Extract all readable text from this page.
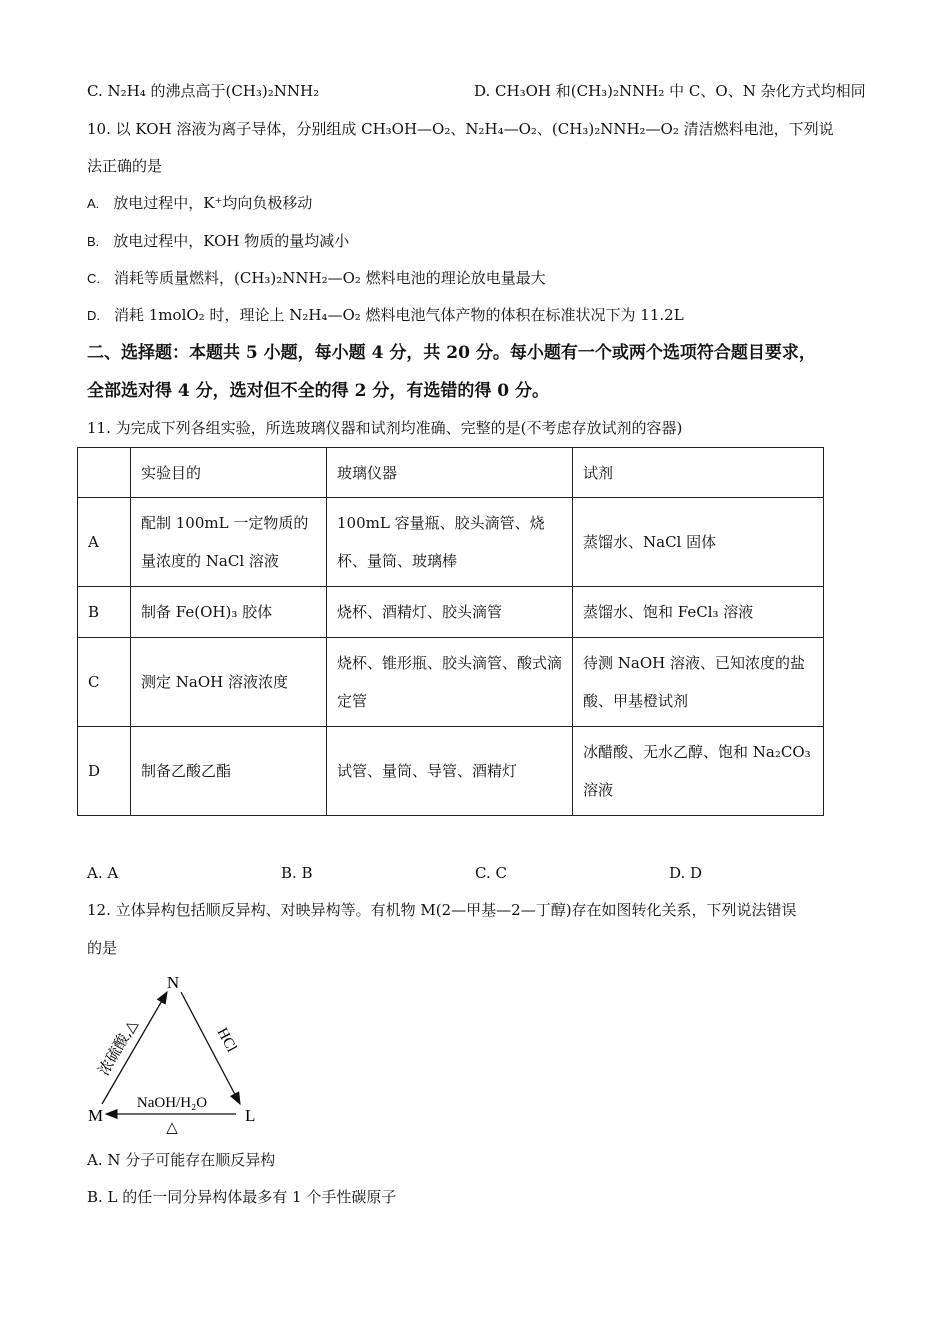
C. N₂H₄ 的沸点高于(CH₃)₂NNH₂	D. CH₃OH 和(CH₃)₂NNH₂ 中 C、O、N 杂化方式均相同
10. 以 KOH 溶液为离子导体，分别组成 CH₃OH—O₂、N₂H₄—O₂、(CH₃)₂NNH₂—O₂ 清洁燃料电池，下列说
法正确的是
A. 放电过程中，K⁺均向负极移动
B. 放电过程中，KOH 物质的量均减小
C. 消耗等质量燃料，(CH₃)₂NNH₂—O₂ 燃料电池的理论放电量最大
D. 消耗 1molO₂ 时，理论上 N₂H₄—O₂ 燃料电池气体产物的体积在标准状况下为 11.2L
二、选择题：本题共 5 小题，每小题 4 分，共 20 分。每小题有一个或两个选项符合题目要求，
全部选对得 4 分，选对但不全的得 2 分，有选错的得 0 分。
11. 为完成下列各组实验，所选玻璃仪器和试剂均准确、完整的是(不考虑存放试剂的容器)
	实验目的	玻璃仪器	试剂
A	配制 100mL 一定物质的量浓度的 NaCl 溶液	100mL 容量瓶、胶头滴管、烧杯、量筒、玻璃棒	蒸馏水、NaCl 固体
B	制备 Fe(OH)₃ 胶体	烧杯、酒精灯、胶头滴管	蒸馏水、饱和 FeCl₃ 溶液
C	测定 NaOH 溶液浓度	烧杯、锥形瓶、胶头滴管、酸式滴定管	待测 NaOH 溶液、已知浓度的盐酸、甲基橙试剂
D	制备乙酸乙酯	试管、量筒、导管、酒精灯	冰醋酸、无水乙醇、饱和 Na₂CO₃ 溶液
A. A	B. B	C. C	D. D
12. 立体异构包括顺反异构、对映异构等。有机物 M(2—甲基—2—丁醇)存在如图转化关系，下列说法错误
的是
N
M	L
浓硫酸,△	HCl
NaOH/H₂O
△
A. N 分子可能存在顺反异构
B. L 的任一同分异构体最多有 1 个手性碳原子
